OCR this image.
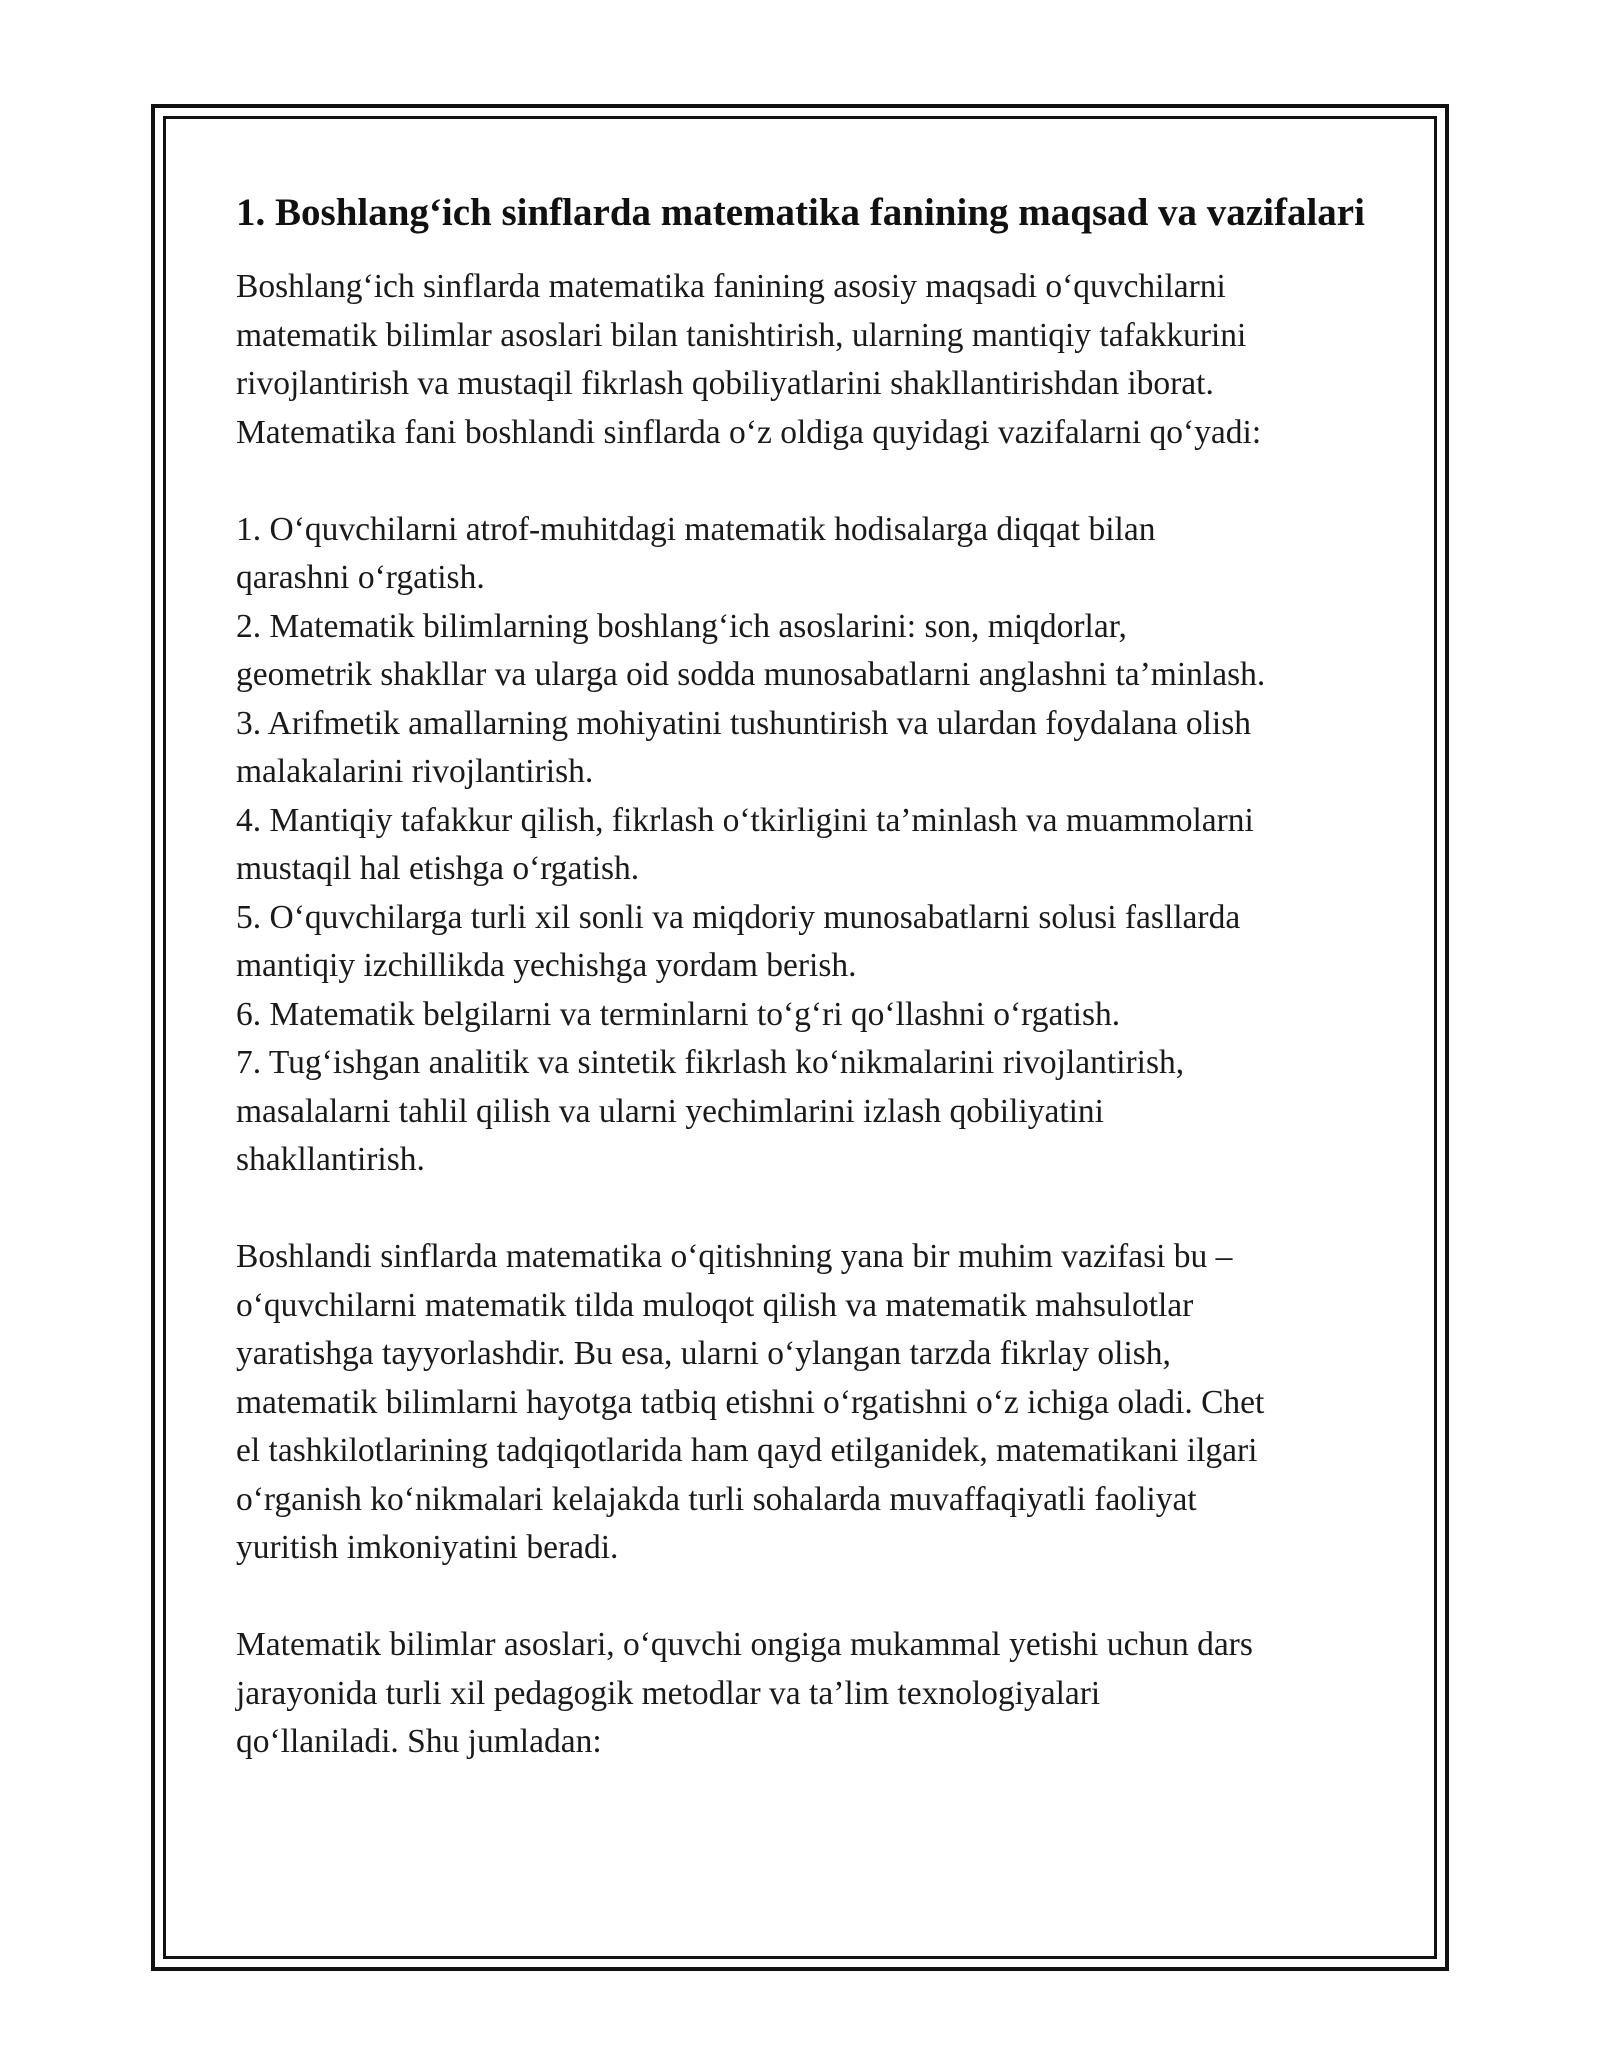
1. Boshlang‘ich sinflarda matematika fanining maqsad va vazifalari

Boshlang‘ich sinflarda matematika fanining asosiy maqsadi o‘quvchilarni
matematik bilimlar asoslari bilan tanishtirish, ularning mantiqiy tafakkurini
rivojlantirish va mustaqil fikrlash qobiliyatlarini shakllantirishdan iborat.
Matematika fani boshlandi sinflarda o‘z oldiga quyidagi vazifalarni qo‘yadi:

1. O‘quvchilarni atrof-muhitdagi matematik hodisalarga diqqat bilan
qarashni o‘rgatish.
2. Matematik bilimlarning boshlang‘ich asoslarini: son, miqdorlar,
geometrik shakllar va ularga oid sodda munosabatlarni anglashni ta’minlash.
3. Arifmetik amallarning mohiyatini tushuntirish va ulardan foydalana olish
malakalarini rivojlantirish.
4. Mantiqiy tafakkur qilish, fikrlash o‘tkirligini ta’minlash va muammolarni
mustaqil hal etishga o‘rgatish.
5. O‘quvchilarga turli xil sonli va miqdoriy munosabatlarni solusi fasllarda
mantiqiy izchillikda yechishga yordam berish.
6. Matematik belgilarni va terminlarni to‘g‘ri qo‘llashni o‘rgatish.
7. Tug‘ishgan analitik va sintetik fikrlash ko‘nikmalarini rivojlantirish,
masalalarni tahlil qilish va ularni yechimlarini izlash qobiliyatini
shakllantirish.

Boshlandi sinflarda matematika o‘qitishning yana bir muhim vazifasi bu –
o‘quvchilarni matematik tilda muloqot qilish va matematik mahsulotlar
yaratishga tayyorlashdir. Bu esa, ularni o‘ylangan tarzda fikrlay olish,
matematik bilimlarni hayotga tatbiq etishni o‘rgatishni o‘z ichiga oladi. Chet
el tashkilotlarining tadqiqotlarida ham qayd etilganidek, matematikani ilgari
o‘rganish ko‘nikmalari kelajakda turli sohalarda muvaffaqiyatli faoliyat
yuritish imkoniyatini beradi.

Matematik bilimlar asoslari, o‘quvchi ongiga mukammal yetishi uchun dars
jarayonida turli xil pedagogik metodlar va ta’lim texnologiyalari
qo‘llaniladi. Shu jumladan:
